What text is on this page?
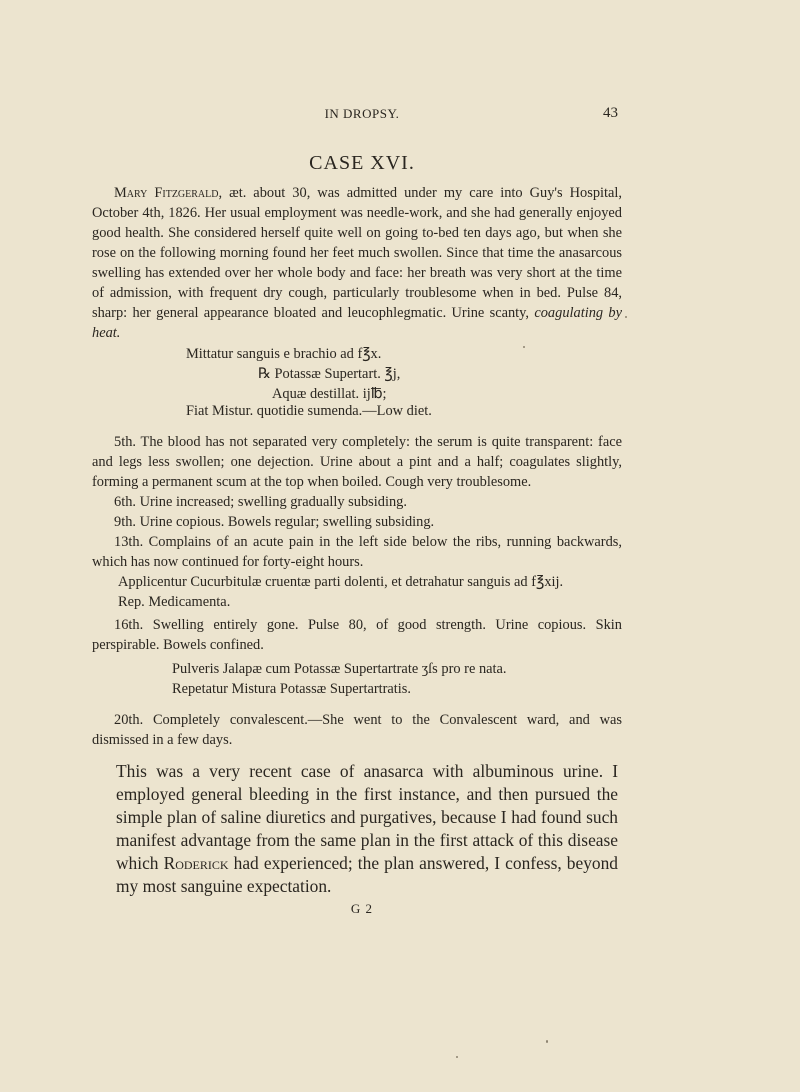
IN DROPSY.	43
CASE XVI.

Mary Fitzgerald, æt. about 30, was admitted under my care into Guy's Hospital, October 4th, 1826. Her usual employment was needle-work, and she had generally enjoyed good health. She considered herself quite well on going to-bed ten days ago, but when she rose on the following morning found her feet much swollen. Since that time the anasarcous swelling has extended over her whole body and face: her breath was very short at the time of admission, with frequent dry cough, particularly troublesome when in bed. Pulse 84, sharp: her general appearance bloated and leucophlegmatic. Urine scanty, coagulating by heat.

Mittatur sanguis e brachio ad f℥x.
℞ Potassæ Supertart. ℥j,
Aquæ destillat. ij℔;
Fiat Mistur. quotidie sumenda.—Low diet.

5th. The blood has not separated very completely: the serum is quite transparent: face and legs less swollen; one dejection. Urine about a pint and a half; coagulates slightly, forming a permanent scum at the top when boiled. Cough very troublesome.

6th. Urine increased; swelling gradually subsiding.

9th. Urine copious. Bowels regular; swelling subsiding.

13th. Complains of an acute pain in the left side below the ribs, running backwards, which has now continued for forty-eight hours.

Applicentur Cucurbitulæ cruentæ parti dolenti, et detrahatur sanguis ad f℥xij.
Rep. Medicamenta.

16th. Swelling entirely gone. Pulse 80, of good strength. Urine copious. Skin perspirable. Bowels confined.

Pulveris Jalapæ cum Potassæ Supertartrate ʒſs pro re nata.
Repetatur Mistura Potassæ Supertartratis.

20th. Completely convalescent.—She went to the Convalescent ward, and was dismissed in a few days.

This was a very recent case of anasarca with albuminous urine. I employed general bleeding in the first instance, and then pursued the simple plan of saline diuretics and purgatives, because I had found such manifest advantage from the same plan in the first attack of this disease which Roderick had experienced; the plan answered, I confess, beyond my most sanguine expectation.

G 2
